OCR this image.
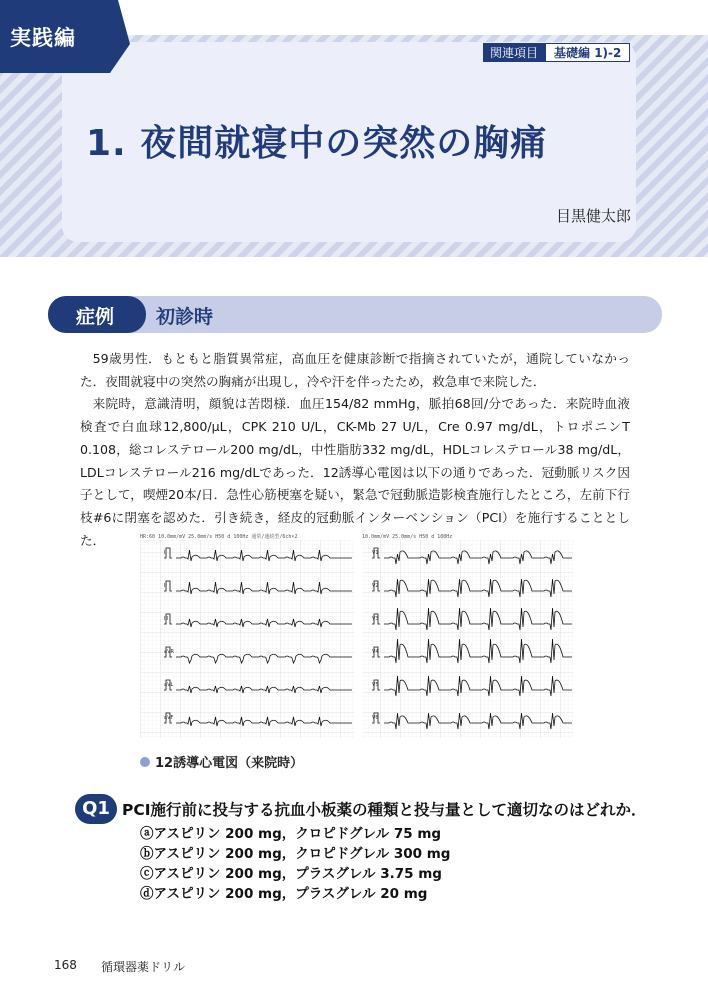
実践編
関連項目	基礎編 1)-2
1. 夜間就寝中の突然の胸痛
目黒健太郎
症例 初診時

59歳男性．もともと脂質異常症，高血圧を健康診断で指摘されていたが，通院していなかった．夜間就寝中の突然の胸痛が出現し，冷や汗を伴ったため，救急車で来院した．

来院時，意識清明，顔貌は苦悶様．血圧154/82 mmHg，脈拍68回/分であった．来院時血液検査で白血球12,800/μL，CPK 210 U/L，CK-Mb 27 U/L，Cre 0.97 mg/dL，トロポニンT 0.108，総コレステロール200 mg/dL，中性脂肪332 mg/dL，HDLコレステロール38 mg/dL，LDLコレステロール216 mg/dLであった．12誘導心電図は以下の通りであった．冠動脈リスク因子として，喫煙20本/日．急性心筋梗塞を疑い，緊急で冠動脈造影検査施行したところ，左前下行枝#6に閉塞を認めた．引き続き，経皮的冠動脈インターベンション（PCI）を施行することとした．	HR:60 10.0mm/mV 25.0mm/s H50 d 100Hz 通常/連続型/6ch×2	10.0mm/mV 25.0mm/s H50 d 100Hz
I
II
III
aVR
aVL
aVF
V1
V2
V3
V4
V5
V6
12誘導心電図（来院時）
Q1 PCI施行前に投与する抗血小板薬の種類と投与量として適切なのはどれか．
ⓐアスピリン 200 mg，クロピドグレル 75 mg
ⓑアスピリン 200 mg，クロピドグレル 300 mg
ⓒアスピリン 200 mg，プラスグレル 3.75 mg
ⓓアスピリン 200 mg，プラスグレル 20 mg
168 循環器薬ドリル
